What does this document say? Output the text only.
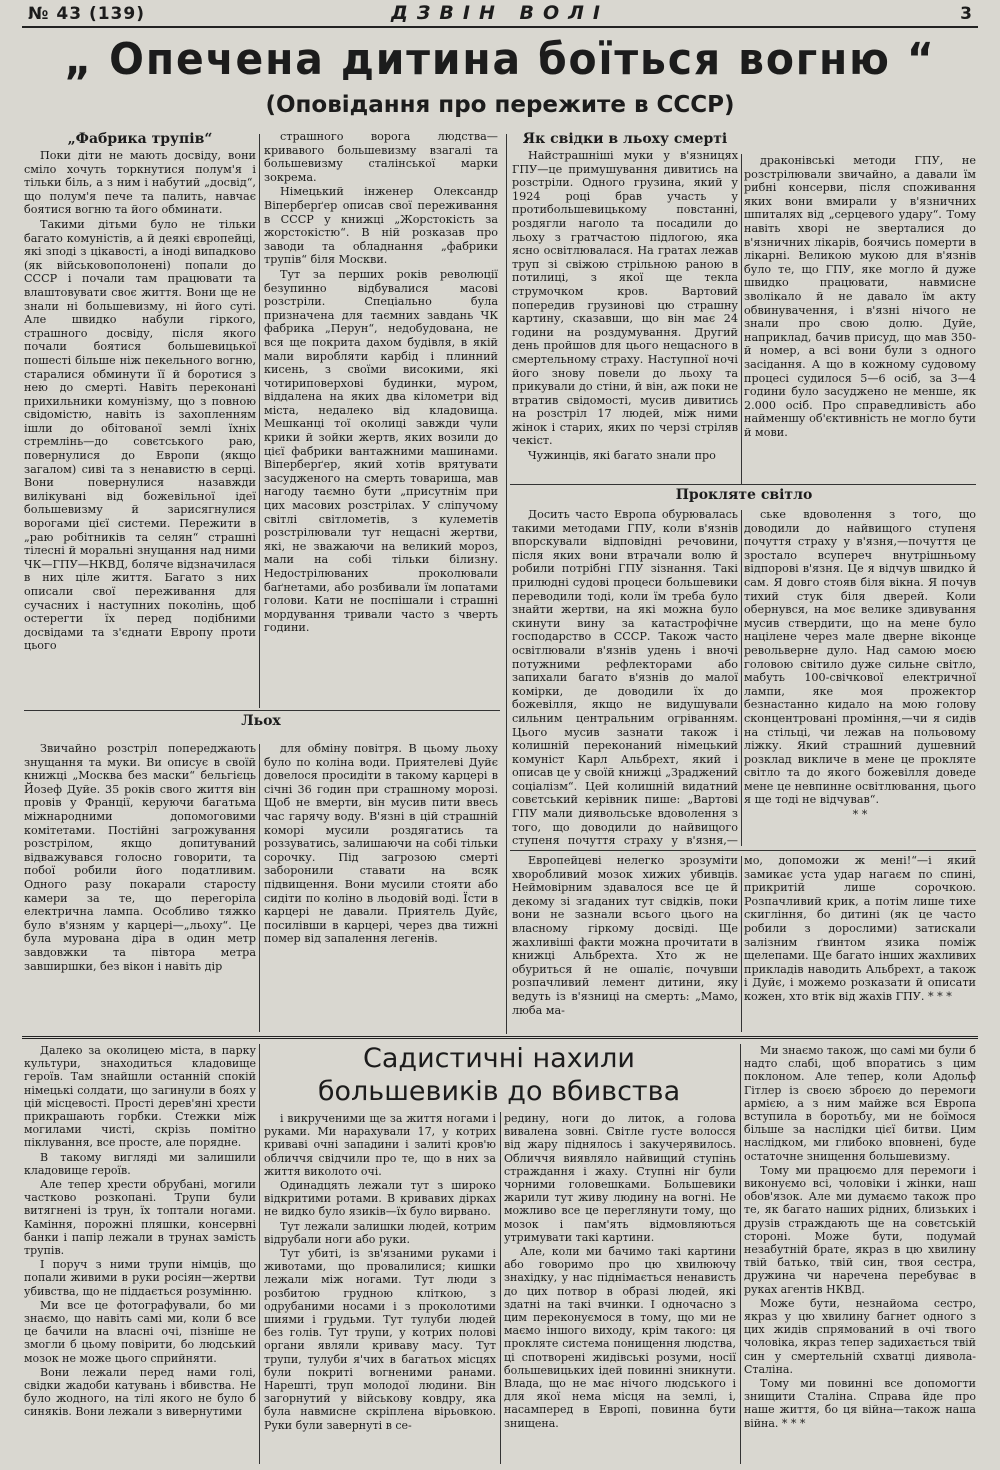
№ 43 (139)	ДЗВІН ВОЛІ	3
„ Опечена дитина боїться вогню “
(Оповідання про пережите в СССР)

„Фабрика трупів“

Поки діти не мають досвіду, вони сміло хочуть торкнутися полум'я і тільки біль, а з ним і набутий „досвід“, що полум'я пече та палить, навчає боятися вогню та його обминати.

Такими дітьми було не тільки багато комуністів, а й деякі європейці, які зподі з цікавості, а іноді випадково (як військовополонені) попали до СССР і почали там працювати та влаштовувати своє життя. Вони ще не знали ні большевизму, ні його суті. Але швидко набули гіркого, страшного досвіду, після якого почали боятися большевицької пошесті більше ніж пекельного вогню, старалися обминути її й боротися з нею до смерті. Навіть переконані прихильники комунізму, що з повною свідомістю, навіть із захопленням ішли до обітованої землі їхніх стремлінь—до совєтського раю, повернулися до Европи (якщо загалом) сиві та з ненавистю в серці. Вони повернулися назавжди вилікувані від божевільної ідеї большевизму й зарисягнулися ворогами цієї системи. Пережити в „раю робітників та селян“ страшні тілесні й моральні знущання над ними ЧК—ГПУ—НКВД, боляче відзначилася в них ціле життя. Багато з них описали свої переживання для сучасних і наступних поколінь, щоб остерегти їх перед подібними досвідами та з'єднати Европу проти цього

страшного ворога людства—кривавого большевизму взагалі та большевизму сталінської марки зокрема.

Німецький інженер Олександр Віперберґер описав свої переживання в СССР у книжці „Жорстокість за жорстокістю“. В ній розказав про заводи та обладнання „фабрики трупів“ біля Москви.

Тут за перших років революції безупинно відбувалися масові розстріли. Спеціально була призначена для таємних завдань ЧК фабрика „Перун“, недобудована, не вся ще покрита дахом будівля, в якій мали виробляти карбід і плинний кисень, з своїми високими, які чотириповерхові будинки, муром, віддалена на яких два кілометри від міста, недалеко від кладовища. Мешканці тої околиці завжди чули крики й зойки жертв, яких возили до цієї фабрики вантажними машинами. Віперберґер, який хотів врятувати засудженого на смерть товариша, мав нагоду таємно бути „присутнім при цих масових розстрілах. У сліпучому світлі світлометів, з кулеметів розстрілювали тут нещасні жертви, які, не зважаючи на великий мороз, мали на собі тільки білизну. Недострілюваних проколювали баґнетами, або розбивали їм лопатами голови. Кати не поспішали і страшні мордування тривали часто з чверть години.

Як свідки в льоху смерті

Найстрашніші муки у в'язницях ГПУ—це примушування дивитись на розстріли. Одного грузина, який у 1924 році брав участь у протибольшевицькому повстанні, роздягли наголо та посадили до льоху з гратчастою підлогою, яка ясно освітлювалася. На гратах лежав труп зі свіжою стрільною раною в потилиці, з якої ще текла струмочком кров. Вартовий попередив грузинові цю страшну картину, сказавши, що він має 24 години на роздумування. Другий день пройшов для цього нещасного в смертельному страху. Наступної ночі його знову повели до льоху та прикували до стіни, й він, аж поки не втратив свідомості, мусив дивитись на розстріл 17 людей, між ними жінок і старих, яких по черзі стріляв чекіст.

Чужинців, які багато знали про

драконівські методи ГПУ, не розстрілювали звичайно, а давали їм рибні консерви, після споживання яких вони вмирали у в'язничних шпиталях від „серцевого удару“. Тому навіть хворі не зверталися до в'язничних лікарів, боячись померти в лікарні. Великою мукою для в'язнів було те, що ГПУ, яке могло й дуже швидко працювати, навмисне зволікало й не давало їм акту обвинувачення, і в'язні нічого не знали про свою долю. Дуйе, наприклад, бачив присуд, що мав 350-й номер, а всі вони були з одного засідання. А що в кожному судовому процесі судилося 5—6 осіб, за 3—4 години було засуджено не менше, як 2.000 осіб. Про справедливість або найменшу об'єктивність не могло бути й мови.

Прокляте світло

Досить часто Европа обурювалась такими методами ГПУ, коли в'язнів впорскували відповідні речовини, після яких вони втрачали волю й робили потрібні ГПУ зізнання. Такі прилюдні судові процеси большевики переводили тоді, коли їм треба було знайти жертви, на які можна було скинути вину за катастрофічне господарство в СССР. Також часто освітлювали в'язнів удень і вночі потужними рефлекторами або запихали багато в'язнів до малої комірки, де доводили їх до божевілля, якщо не видушували сильним центральним огріванням. Цього мусив зазнати також і колишній переконаний німецький комуніст Карл Альбрехт, який і описав це у своїй книжці „Зраджений соціалізм“. Цей колишній видатний совєтський керівник пише: „Вартові ГПУ мали диявольське вдоволення з того, що доводили до найвищого ступеня почуття страху у в'язня,—

ське вдоволення з того, що доводили до найвищого ступеня почуття страху у в'язня,—почуття це зростало всупереч внутрішньому відпорові в'язня. Це я відчув швидко й сам. Я довго стояв біля вікна. Я почув тихий стук біля дверей. Коли обернувся, на моє велике здивування мусив ствердити, що на мене було націлене через мале дверне віконце револьверне дуло. Над самою моєю головою світило дуже сильне світло, мабуть 100-свічкової електричної лампи, яке моя прожектор безнастанно кидало на мою голову сконцентровані проміння,—чи я сидів на стільці, чи лежав на польовому ліжку. Який страшний душевний розклад викличе в мене це прокляте світло та до якого божевілля доведе мене це невпинне освітлювання, цього я ще тоді не відчував“.

* *

Льох

Звичайно розстріл попереджають знущання та муки. Ви описує в своїй книжці „Москва без маски“ бельгієць Йозеф Дуйе. 35 років свого життя він провів у Франції, керуючи багатьма міжнародними допомоговими комітетами. Постійні загрожування розстрілом, якщо допитуваний відважувався голосно говорити, та побої робили його податливим. Одного разу покарали старосту камери за те, що перегоріла електрична лампа. Особливо тяжко було в'язням у карцері—„льоху“. Це була мурована діра в один метр завдовжки та півтора метра завширшки, без вікон і навіть дір

для обміну повітря. В цьому льоху було по коліна води. Приятелеві Дуйє довелося просидіти в такому карцері в січні 36 годин при страшному морозі. Щоб не вмерти, він мусив пити ввесь час гарячу воду. В'язні в цій страшній коморі мусили роздягатись та роззуватись, залишаючи на собі тільки сорочку. Під загрозою смерті заборонили ставати на всяк підвищення. Вони мусили стояти або сидіти по коліно в льодовій воді. Їсти в карцері не давали. Приятель Дуйє, посилівши в карцері, через два тижні помер від запалення легенів.

Европейцеві нелегко зрозуміти хворобливий мозок хижих убивців. Неймовірним здавалося все це й декому зі згаданих тут свідків, поки вони не зазнали всього цього на власному гіркому досвіді. Ще жахливіші факти можна прочитати в книжці Альбрехта. Хто ж не обуриться й не ошаліє, почувши розпачливий лемент дитини, яку ведуть із в'язниці на смерть: „Мамо, люба ма-

мо, допоможи ж мені!“—і який замикає уста удар нагаєм по спині, прикритій лише сорочкою. Розпачливий крик, а потім лише тихе скигління, бо дитині (як це часто робили з дорослими) затискали залізним ґвинтом язика поміж щелепами. Ще багато інших жахливих прикладів наводить Альбрехт, а також і Дуйє, і можемо розказати й описати кожен, хто втік від жахів ГПУ. * * *

Далеко за околицею міста, в парку культури, знаходиться кладовище героїв. Там знайшли останній спокій німецькі солдати, що загинули в боях у цій місцевості. Прості дерев'яні хрести прикрашають горбки. Стежки між могилами чисті, скрізь помітно піклування, все просте, але порядне.

В такому вигляді ми залишили кладовище героїв.

Але тепер хрести обрубані, могили частково розкопані. Трупи були витягнені із трун, їх топтали ногами. Каміння, порожні пляшки, консервні банки і папір лежали в трунах замість трупів.

І поруч з ними трупи німців, що попали живими в руки росіян—жертви убивства, що не піддається розумінню.

Ми все це фотографували, бо ми знаємо, що навіть самі ми, коли б все це бачили на власні очі, пізніше не змогли б цьому повірити, бо людський мозок не може цього сприйняти.

Вони лежали перед нами голі, свідки жадоби катувань і вбивства. Не було жодного, на тілі якого не було б синяків. Вони лежали з вивернутими

Садистичні нахили большевиків до вбивства

і викрученими ще за життя ногами і руками. Ми нарахували 17, у котрих криваві очні западини і залиті кров'ю обличчя свідчили про те, що в них за життя виколото очі.

Одинадцять лежали тут з широко відкритими ротами. В кривавих дірках не видко було язиків—їх було вирвано.

Тут лежали залишки людей, котрим відрубали ноги або руки.

Тут убиті, із зв'язаними руками і животами, що провалилися; кишки лежали між ногами. Тут люди з розбитою грудною кліткою, з одрубаними носами і з проколотими шиями і грудьми. Тут тулуби людей без голів. Тут трупи, у котрих полові органи являли криваву масу. Тут трупи, тулуби я'чих в багатьох місцях були покриті вогненими ранами. Нарешті, труп молодої людини. Він загорнутий у військову ковдру, яка була навмисне скріплена вірьовкою. Руки були завернуті в се-

редину, ноги до литок, а голова вивалена зовні. Світле густе волосся від жару піднялось і закучерявилось. Обличчя виявляло найвищий ступінь страждання і жаху. Ступні ніг були чорними головешками. Большевики жарили тут живу людину на вогні. Не можливо все це переглянути тому, що мозок і пам'ять відмовляються утримувати такі картини.

Але, коли ми бачимо такі картини або говоримо про цю хвилюючу знахідку, у нас піднімається ненависть до цих потвор в образі людей, які здатні на такі вчинки. І одночасно з цим переконуємося в тому, що ми не маємо іншого виходу, крім такого: ця прокляте система понищення людства, ці спотворені жидівські розуми, носії большевицьких ідей повинні зникнути. Влада, що не має нічого людського і для якої нема місця на землі, і, насамперед в Европі, повинна бути знищена.

Ми знаємо також, що самі ми були б надто слабі, щоб впоратись з цим поклоном. Але тепер, коли Адольф Гітлер із своєю зброєю до перемоги армією, а з ним майже вся Европа вступила в боротьбу, ми не боїмося більше за наслідки цієї битви. Цим наслідком, ми глибоко вповнені, буде остаточне знищення большевизму.

Тому ми працюємо для перемоги і виконуємо всі, чоловіки і жінки, наш обов'язок. Але ми думаємо також про те, як багато наших рідних, близьких і друзів страждають ще на совєтській стороні. Може бути, подумай незабутній брате, якраз в цю хвилину твій батько, твій син, твоя сестра, дружина чи наречена перебуває в руках агентів НКВД.

Може бути, незнайома сестро, якраз у цю хвилину багнет одного з цих жидів спрямований в очі твого чоловіка, якраз тепер задихається твій син у смертельній схватці диявола-Сталіна.

Тому ми повинні все допомогти знищити Сталіна. Справа йде про наше життя, бо ця війна—також наша війна. * * *
